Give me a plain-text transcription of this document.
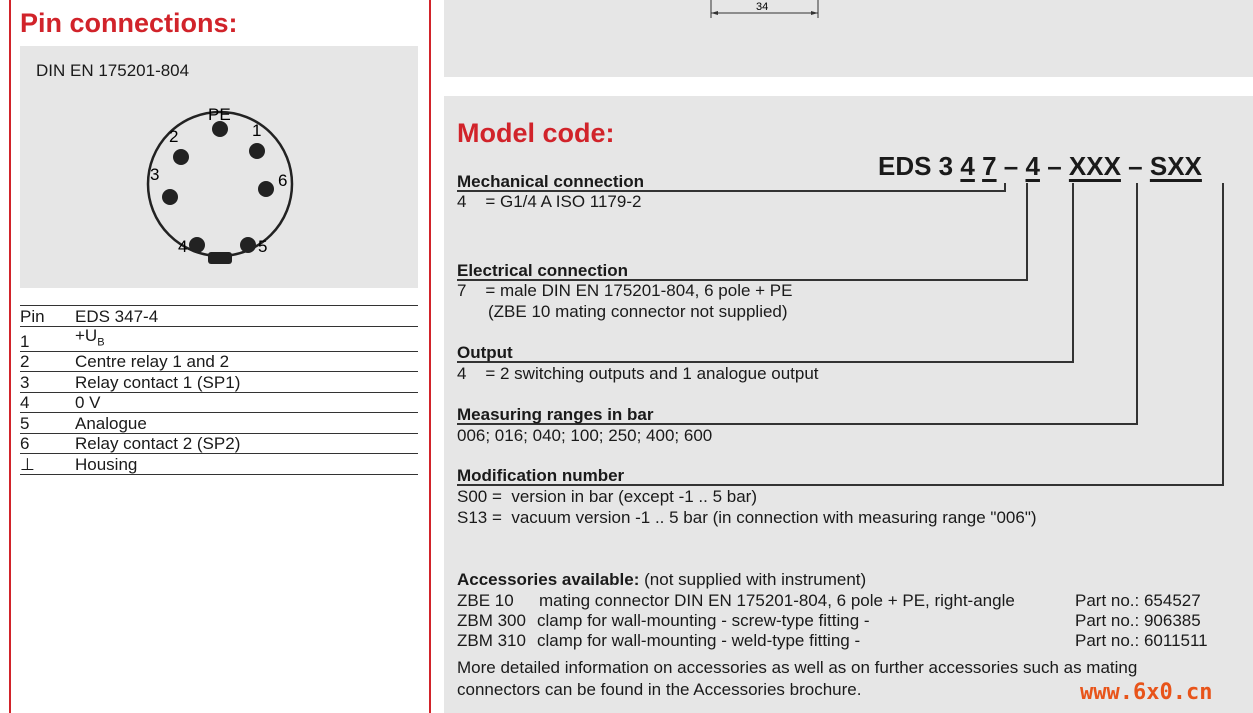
Pin connections:
DIN EN 175201-804
PE
1
2
3
4	5
6
Pin	EDS 347-4
1	$+U_B$
2	Centre relay 1 and 2
3	Relay contact 1 (SP1)
4	0 V
5	Analogue
6	Relay contact 2 (SP2)
⊥	Housing
34
Model code:
EDS 3 4 7 – 4 – XXX – SXX
Mechanical connection
4    = G1/4 A ISO 1179-2
Electrical connection
7    = male DIN EN 175201-804, 6 pole + PE
(ZBE 10 mating connector not supplied)
Output
4    = 2 switching outputs and 1 analogue output
Measuring ranges in bar
006; 016; 040; 100; 250; 400; 600
Modification number
S00 =  version in bar (except -1 .. 5 bar)
S13 =  vacuum version -1 .. 5 bar (in connection with measuring range "006")
Accessories available: (not supplied with instrument)
ZBE 10 mating connector DIN EN 175201-804, 6 pole + PE, right-angle	Part no.: 654527
ZBM 300 clamp for wall-mounting - screw-type fitting -	Part no.: 906385
ZBM 310 clamp for wall-mounting - weld-type fitting -	Part no.: 6011511
More detailed information on accessories as well as on further accessories such as mating
connectors can be found in the Accessories brochure.	www.6x0.cn
